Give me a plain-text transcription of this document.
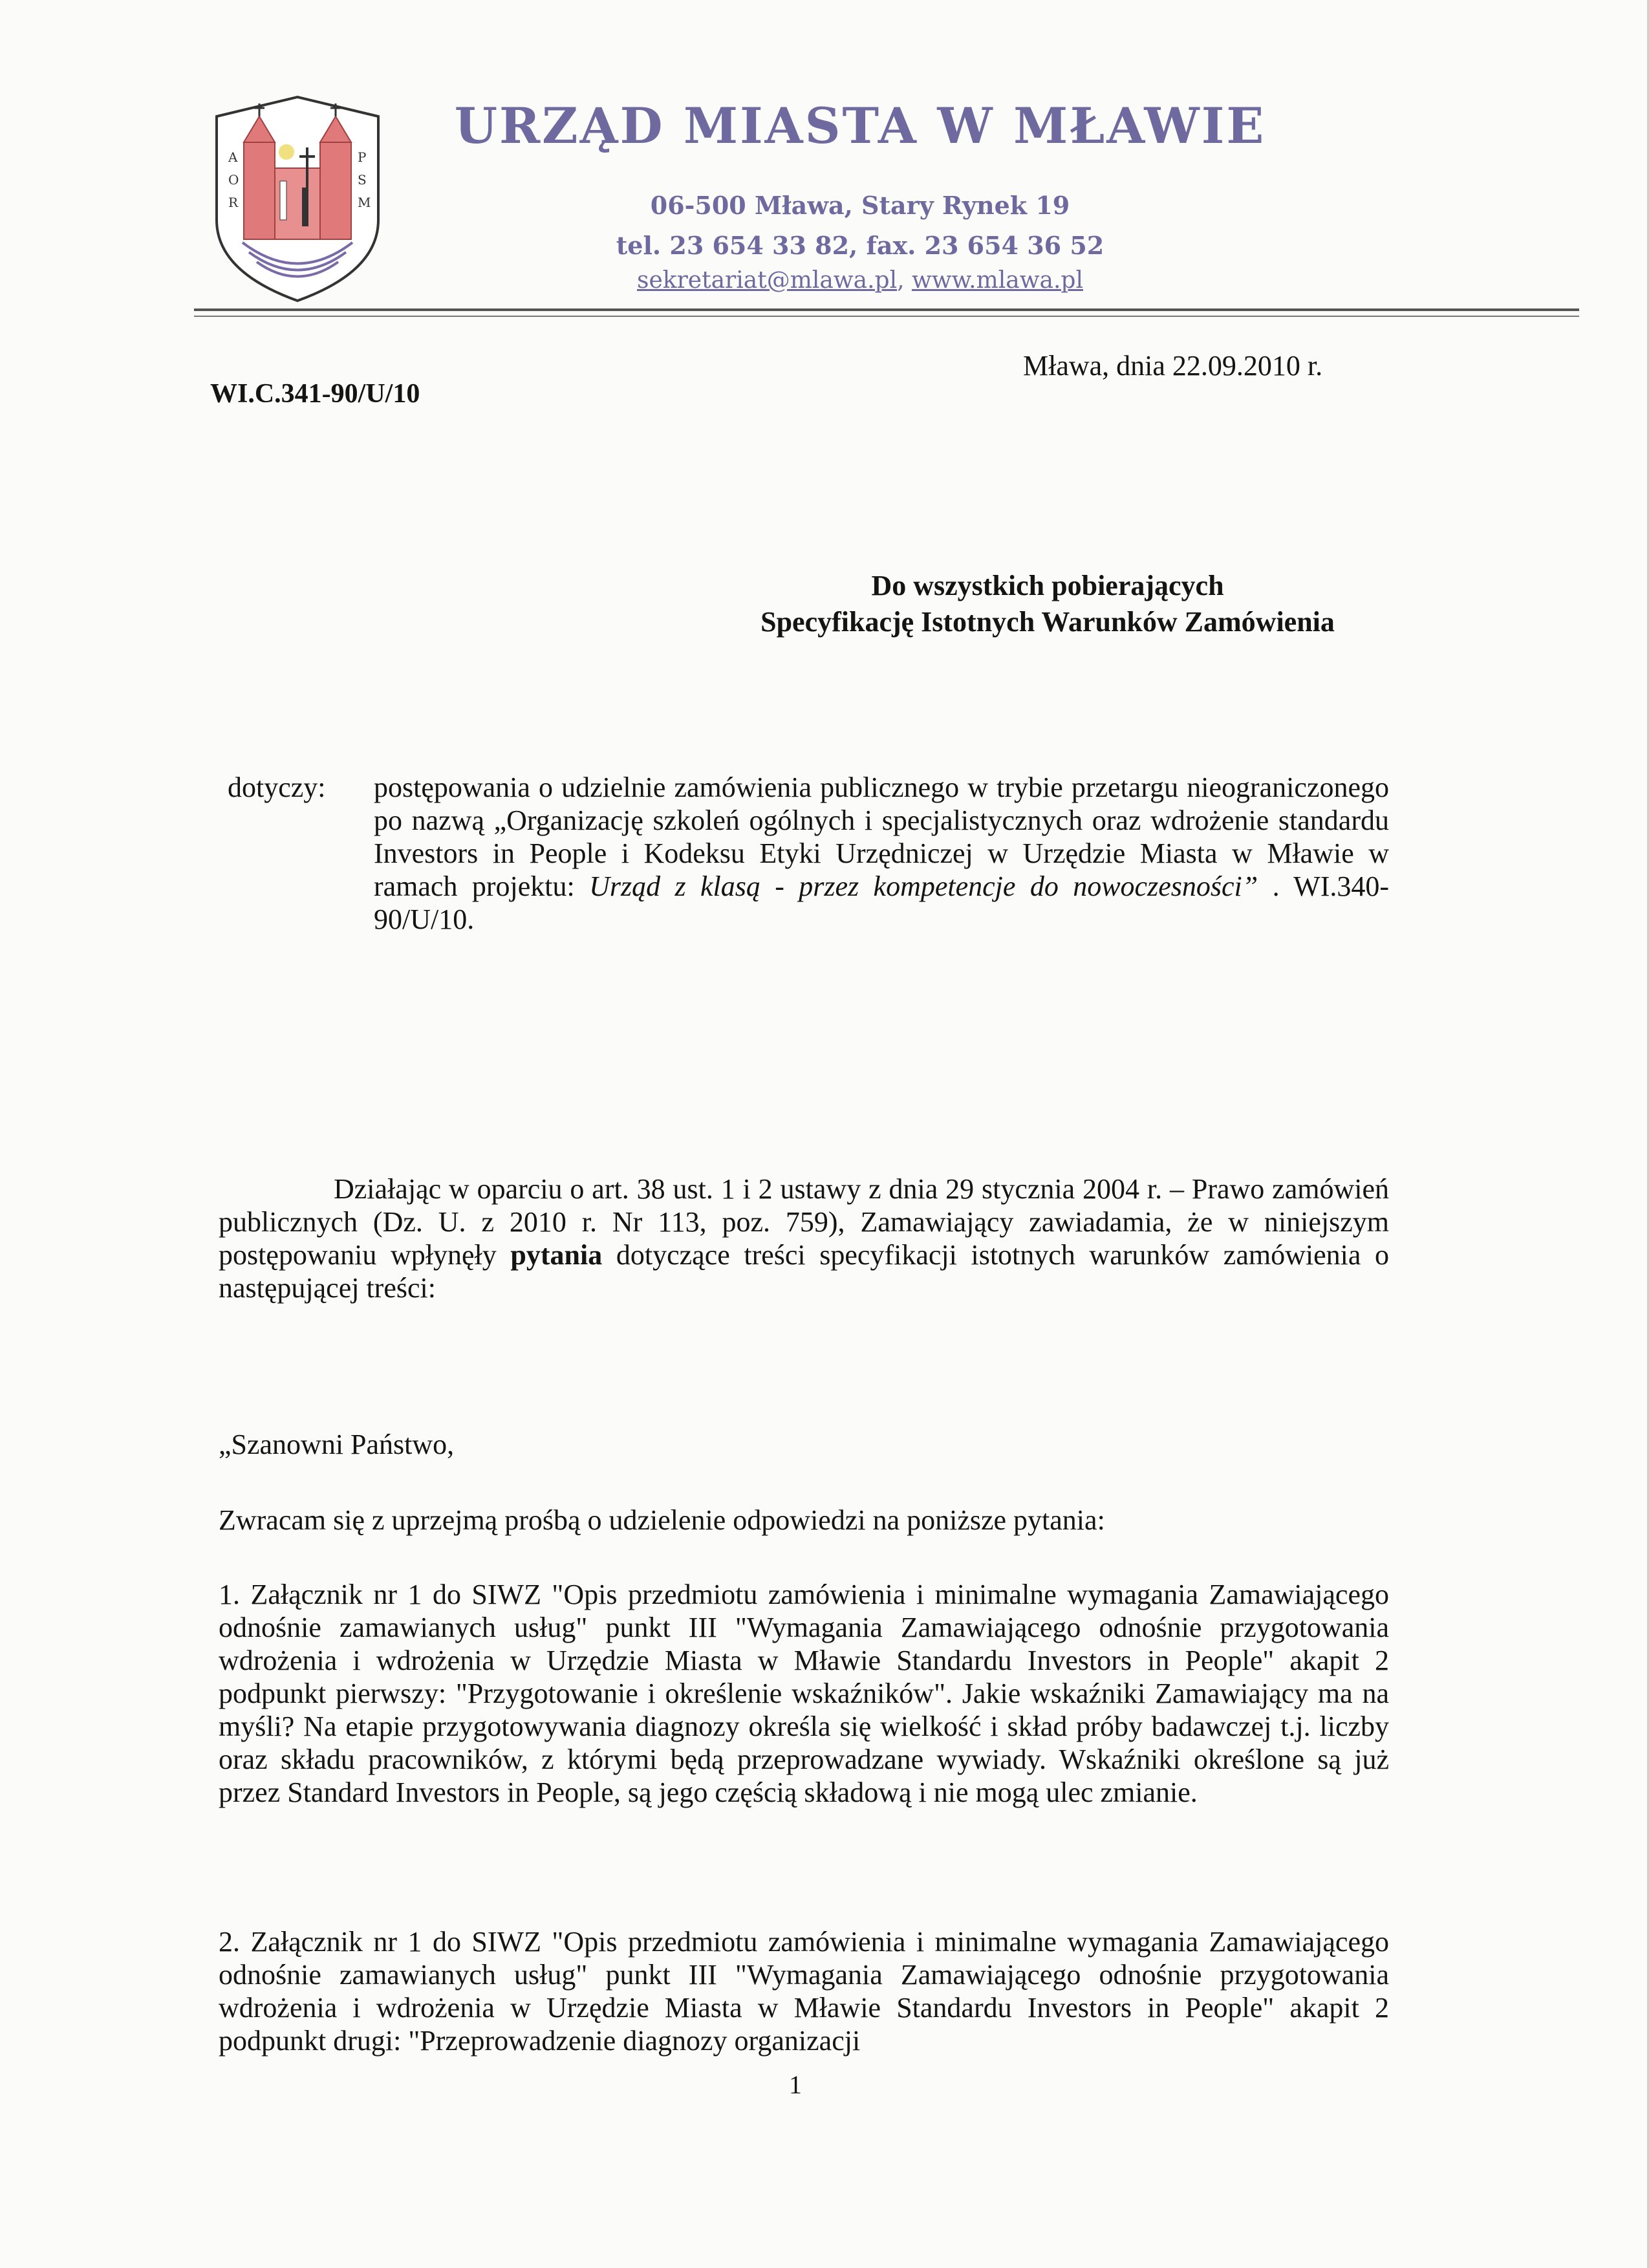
A
O
R
P
S
M
URZĄD MIASTA W MŁAWIE
06-500 Mława, Stary Rynek 19
tel. 23 654 33 82, fax. 23 654 36 52
sekretariat@mlawa.pl, www.mlawa.pl
WI.C.341-90/U/10
Mława, dnia 22.09.2010 r.
Do wszystkich pobierających
Specyfikację Istotnych Warunków Zamówienia
dotyczy: postępowania o udzielnie zamówienia publicznego w trybie przetargu nieograniczonego po nazwą „Organizację szkoleń ogólnych i specjalistycznych oraz wdrożenie standardu Investors in People i Kodeksu Etyki Urzędniczej w Urzędzie Miasta w Mławie w ramach projektu: Urząd z klasą - przez kompetencje do nowoczesności” . WI.340-90/U/10.
Działając w oparciu o art. 38 ust. 1 i 2 ustawy z dnia 29 stycznia 2004 r. – Prawo zamówień publicznych (Dz. U. z 2010 r. Nr 113, poz. 759), Zamawiający zawiadamia, że w niniejszym postępowaniu wpłynęły pytania dotyczące treści specyfikacji istotnych warunków zamówienia o następującej treści:
„Szanowni Państwo,
Zwracam się z uprzejmą prośbą o udzielenie odpowiedzi na poniższe pytania:
1. Załącznik nr 1 do SIWZ "Opis przedmiotu zamówienia i minimalne wymagania Zamawiającego odnośnie zamawianych usług" punkt III "Wymagania Zamawiającego odnośnie przygotowania wdrożenia i wdrożenia w Urzędzie Miasta w Mławie Standardu Investors in People" akapit 2 podpunkt pierwszy: "Przygotowanie i określenie wskaźników". Jakie wskaźniki Zamawiający ma na myśli? Na etapie przygotowywania diagnozy określa się wielkość i skład próby badawczej t.j. liczby oraz składu pracowników, z którymi będą przeprowadzane wywiady. Wskaźniki określone są już przez Standard Investors in People, są jego częścią składową i nie mogą ulec zmianie.
2. Załącznik nr 1 do SIWZ "Opis przedmiotu zamówienia i minimalne wymagania Zamawiającego odnośnie zamawianych usług" punkt III "Wymagania Zamawiającego odnośnie przygotowania wdrożenia i wdrożenia w Urzędzie Miasta w Mławie Standardu Investors in People" akapit 2 podpunkt drugi: "Przeprowadzenie diagnozy organizacji
1
